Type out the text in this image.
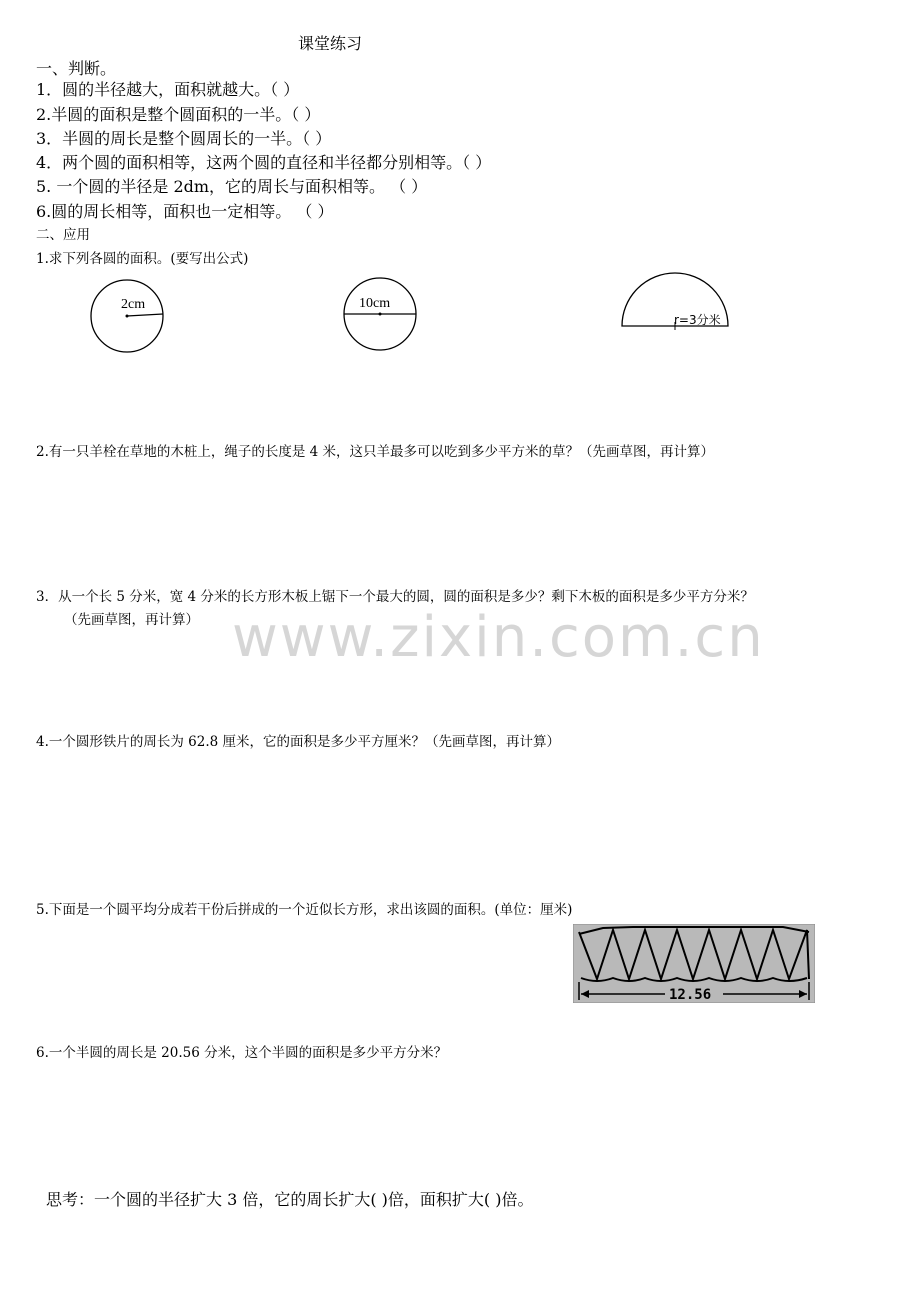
课堂练习
一、判断。
1．圆的半径越大，面积就越大。（ ）
2.半圆的面积是整个圆面积的一半。（ ）
3．半圆的周长是整个圆周长的一半。（ ）
4．两个圆的面积相等，这两个圆的直径和半径都分别相等。（ ）
5. 一个圆的半径是 2dm，它的周长与面积相等。 （ ）
6.圆的周长相等，面积也一定相等。 （ ）
二、应用
1.求下列各圆的面积。(要写出公式)
2cm	10cm
r=3分米
2.有一只羊栓在草地的木桩上，绳子的长度是 4 米，这只羊最多可以吃到多少平方米的草？（先画草图，再计算）
3．从一个长 5 分米，宽 4 分米的长方形木板上锯下一个最大的圆，圆的面积是多少？剩下木板的面积是多少平方分米？
（先画草图，再计算） www.zixin.com.cn
4.一个圆形铁片的周长为 62.8 厘米，它的面积是多少平方厘米？（先画草图，再计算）
5.下面是一个圆平均分成若干份后拼成的一个近似长方形，求出该圆的面积。(单位：厘米)
12.56
6.一个半圆的周长是 20.56 分米，这个半圆的面积是多少平方分米？
思考：一个圆的半径扩大 3 倍，它的周长扩大( )倍，面积扩大( )倍。
